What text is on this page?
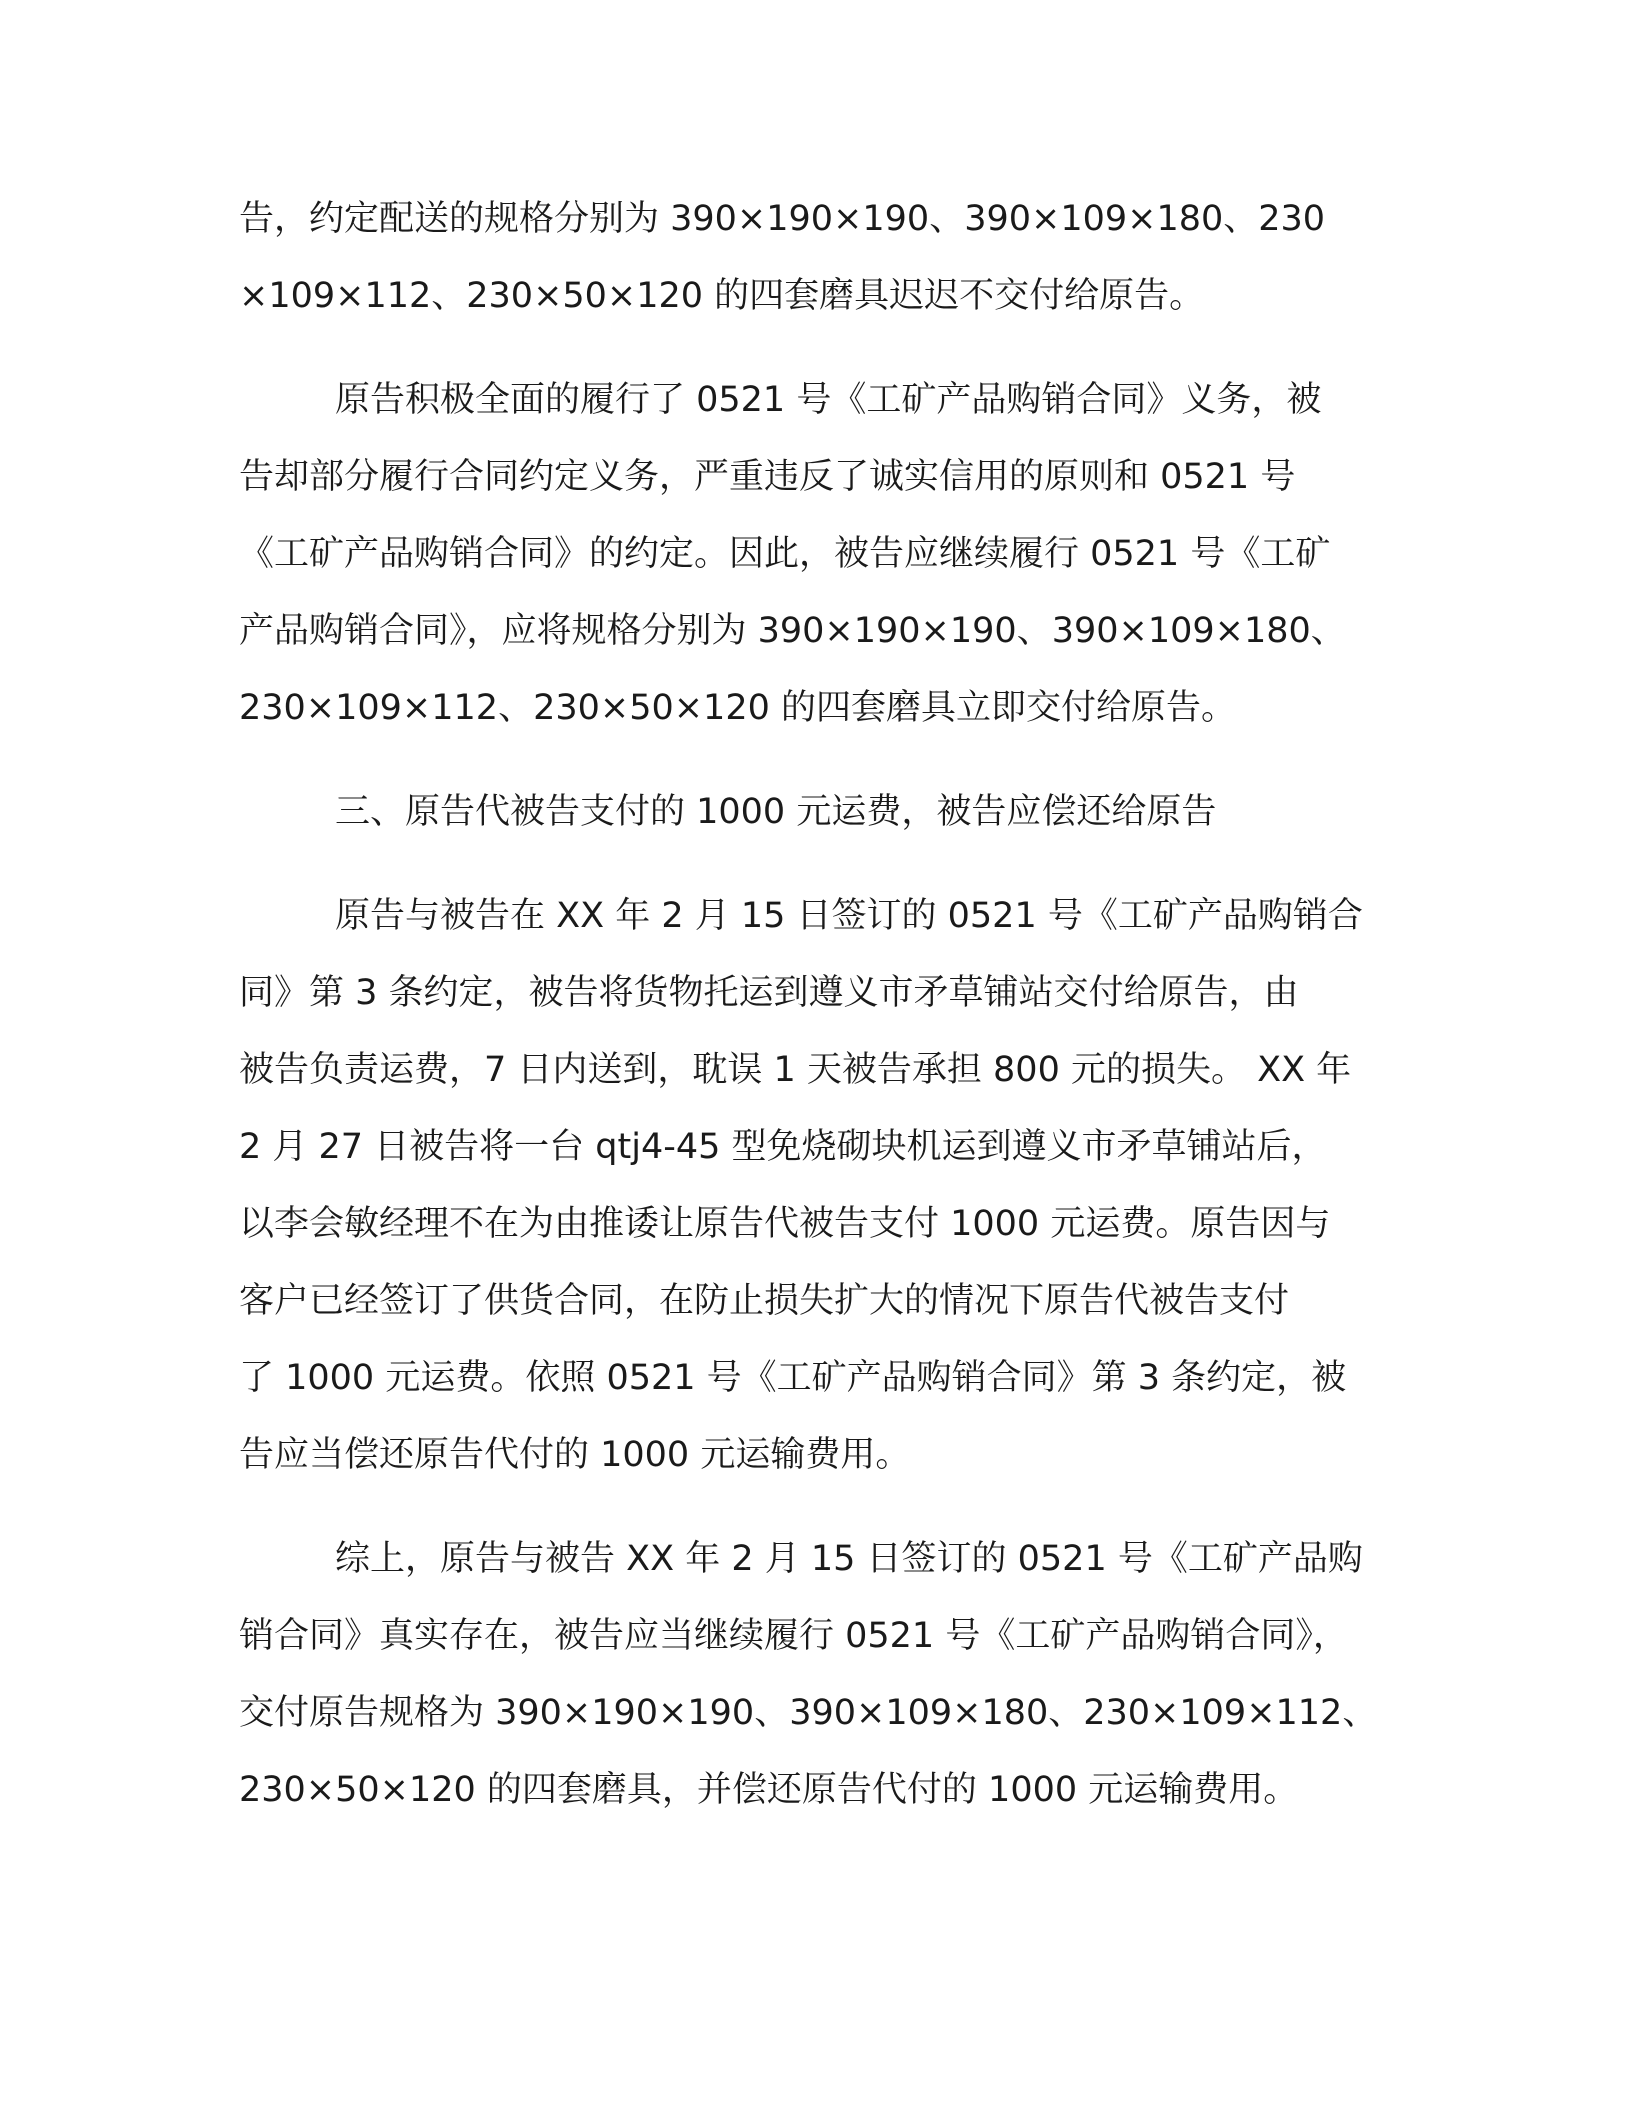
告，约定配送的规格分别为 390×190×190、390×109×180、230
×109×112、230×50×120 的四套磨具迟迟不交付给原告。
原告积极全面的履行了 0521 号《工矿产品购销合同》义务，被
告却部分履行合同约定义务，严重违反了诚实信用的原则和 0521 号
《工矿产品购销合同》的约定。因此，被告应继续履行 0521 号《工矿
产品购销合同》，应将规格分别为 390×190×190、390×109×180、
230×109×112、230×50×120 的四套磨具立即交付给原告。
三、原告代被告支付的 1000 元运费，被告应偿还给原告
原告与被告在 XX 年 2 月 15 日签订的 0521 号《工矿产品购销合
同》第 3 条约定，被告将货物托运到遵义市矛草铺站交付给原告，由
被告负责运费，7 日内送到，耽误 1 天被告承担 800 元的损失。 XX 年
2 月 27 日被告将一台 qtj4-45 型免烧砌块机运到遵义市矛草铺站后，
以李会敏经理不在为由推诿让原告代被告支付 1000 元运费。原告因与
客户已经签订了供货合同，在防止损失扩大的情况下原告代被告支付
了 1000 元运费。依照 0521 号《工矿产品购销合同》第 3 条约定，被
告应当偿还原告代付的 1000 元运输费用。
综上，原告与被告 XX 年 2 月 15 日签订的 0521 号《工矿产品购
销合同》真实存在，被告应当继续履行 0521 号《工矿产品购销合同》，
交付原告规格为 390×190×190、390×109×180、230×109×112、
230×50×120 的四套磨具，并偿还原告代付的 1000 元运输费用。
